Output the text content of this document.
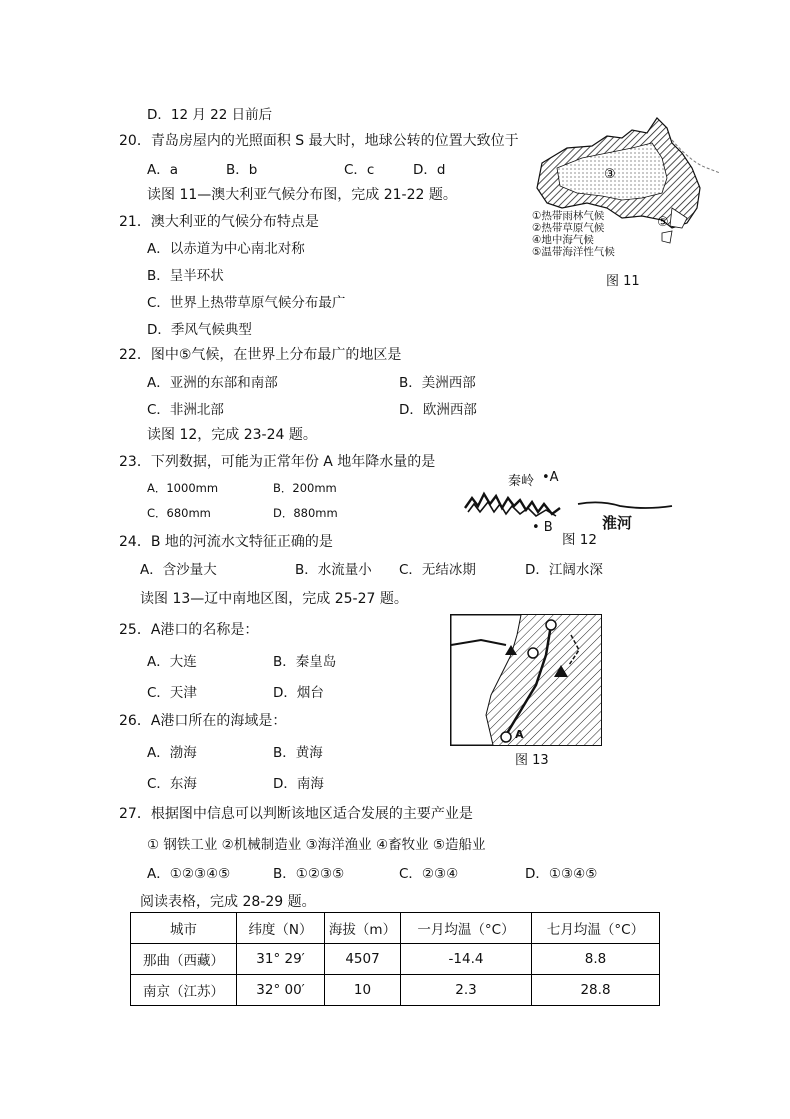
D．12 月 22 日前后
20．青岛房屋内的光照面积 S 最大时，地球公转的位置大致位于
A．a	B．b	C．c	D．d
读图 11—澳大利亚气候分布图，完成 21-22 题。
21．澳大利亚的气候分布特点是
A．以赤道为中心南北对称
B．呈半环状
C．世界上热带草原气候分布最广
D．季风气候典型
22．图中⑤气候，在世界上分布最广的地区是
A．亚洲的东部和南部	B．美洲西部
C．非洲北部	D．欧洲西部
读图 12，完成 23-24 题。
23．下列数据，可能为正常年份 A 地年降水量的是
A．1000mm	B．200mm
C．680mm	D．880mm
24．B 地的河流水文特征正确的是
A．含沙量大	B．水流量小 C．无结冰期	D．江阔水深
读图 13—辽中南地区图，完成 25-27 题。
25．A港口的名称是：
A．大连	B．秦皇岛
C．天津	D．烟台
26．A港口所在的海域是：
A．渤海	B．黄海
C．东海	D．南海
27．根据图中信息可以判断该地区适合发展的主要产业是
① 钢铁工业 ②机械制造业 ③海洋渔业 ④畜牧业 ⑤造船业
A．①②③④⑤	B．①②③⑤	C．②③④	D．①③④⑤
阅读表格，完成 28-29 题。
③
⑤
①热带雨林气候
②热带草原气候
④地中海气候
⑤温带海洋性气候
图 11
秦岭 •A
• B
图 12
淮河
A
图 13
城市	纬度（N）	海拔（m）	一月均温（°C）	七月均温（°C）
那曲（西藏）	31° 29′	4507	-14.4	8.8
南京（江苏）	32° 00′	10	2.3	28.8
